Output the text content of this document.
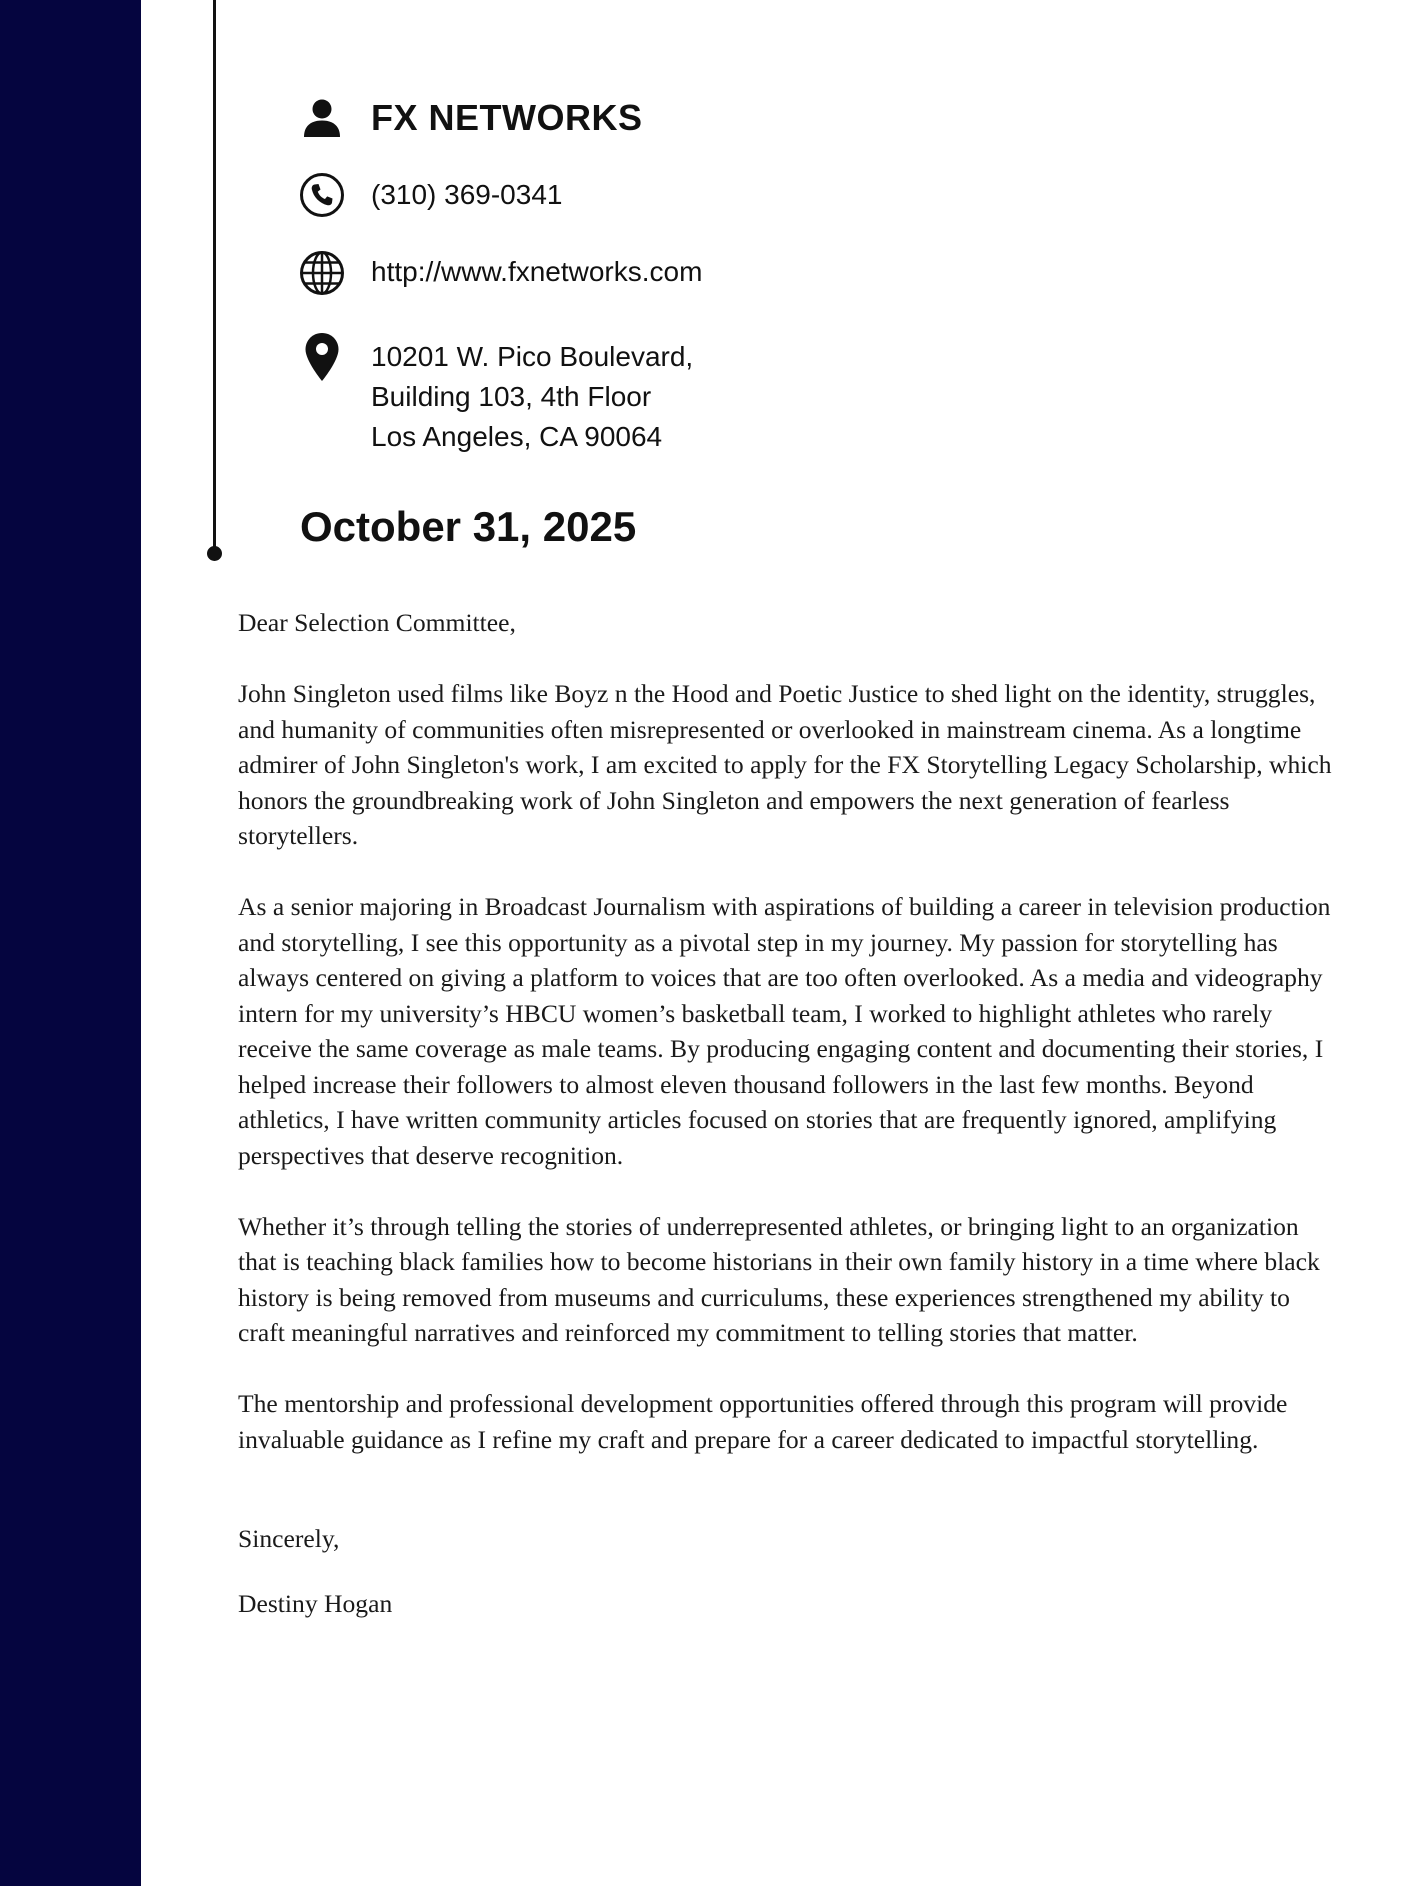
FX NETWORKS
(310) 369-0341
http://www.fxnetworks.com
10201 W. Pico Boulevard,
Building 103, 4th Floor
Los Angeles, CA 90064
October 31, 2025

Dear Selection Committee,

John Singleton used films like Boyz n the Hood and Poetic Justice to shed light on the identity, struggles, and humanity of communities often misrepresented or overlooked in mainstream cinema. As a longtime admirer of John Singleton's work, I am excited to apply for the FX Storytelling Legacy Scholarship, which honors the groundbreaking work of John Singleton and empowers the next generation of fearless storytellers.

As a senior majoring in Broadcast Journalism with aspirations of building a career in television production and storytelling, I see this opportunity as a pivotal step in my journey. My passion for storytelling has always centered on giving a platform to voices that are too often overlooked. As a media and videography intern for my university’s HBCU women’s basketball team, I worked to highlight athletes who rarely receive the same coverage as male teams. By producing engaging content and documenting their stories, I helped increase their followers to almost eleven thousand followers in the last few months. Beyond athletics, I have written community articles focused on stories that are frequently ignored, amplifying perspectives that deserve recognition.

Whether it’s through telling the stories of underrepresented athletes, or bringing light to an organization that is teaching black families how to become historians in their own family history in a time where black history is being removed from museums and curriculums, these experiences strengthened my ability to craft meaningful narratives and reinforced my commitment to telling stories that matter.

The mentorship and professional development opportunities offered through this program will provide invaluable guidance as I refine my craft and prepare for a career dedicated to impactful storytelling.

Sincerely,

Destiny Hogan
